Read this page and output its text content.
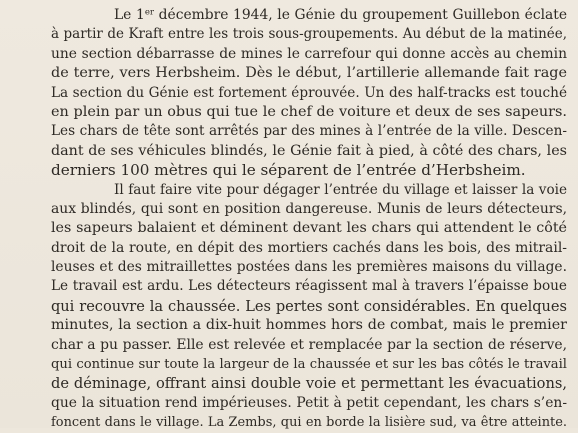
Le 1er décembre 1944, le Génie du groupement Guillebon éclate
à partir de Kraft entre les trois sous-groupements. Au début de la matinée,
une section débarrasse de mines le carrefour qui donne accès au chemin
de terre, vers Herbsheim. Dès le début, l’artillerie allemande fait rage
La section du Génie est fortement éprouvée. Un des half-tracks est touché
en plein par un obus qui tue le chef de voiture et deux de ses sapeurs.
Les chars de tête sont arrêtés par des mines à l’entrée de la ville. Descen-
dant de ses véhicules blindés, le Génie fait à pied, à côté des chars, les
derniers 100 mètres qui le séparent de l’entrée d’Herbsheim.
Il faut faire vite pour dégager l’entrée du village et laisser la voie
aux blindés, qui sont en position dangereuse. Munis de leurs détecteurs,
les sapeurs balaient et déminent devant les chars qui attendent le côté
droit de la route, en dépit des mortiers cachés dans les bois, des mitrail-
leuses et des mitraillettes postées dans les premières maisons du village.
Le travail est ardu. Les détecteurs réagissent mal à travers l’épaisse boue
qui recouvre la chaussée. Les pertes sont considérables. En quelques
minutes, la section a dix-huit hommes hors de combat, mais le premier
char a pu passer. Elle est relevée et remplacée par la section de réserve,
qui continue sur toute la largeur de la chaussée et sur les bas côtés le travail
de déminage, offrant ainsi double voie et permettant les évacuations,
que la situation rend impérieuses. Petit à petit cependant, les chars s’en-
foncent dans le village. La Zembs, qui en borde la lisière sud, va être atteinte.
